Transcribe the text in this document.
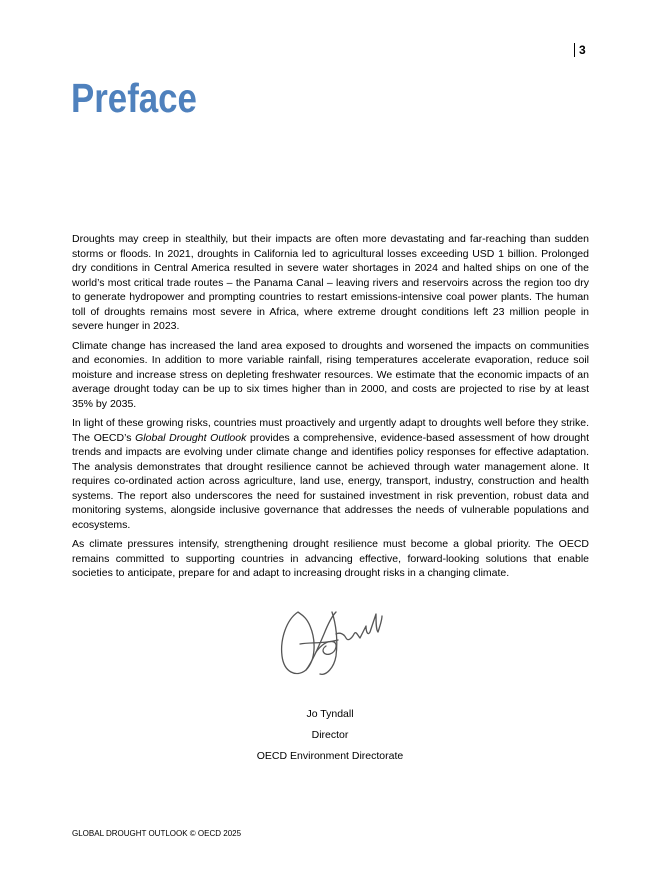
3
Preface

Droughts may creep in stealthily, but their impacts are often more devastating and far-reaching than sudden storms or floods. In 2021, droughts in California led to agricultural losses exceeding USD 1 billion. Prolonged dry conditions in Central America resulted in severe water shortages in 2024 and halted ships on one of the world’s most critical trade routes – the Panama Canal – leaving rivers and reservoirs across the region too dry to generate hydropower and prompting countries to restart emissions-intensive coal power plants. The human toll of droughts remains most severe in Africa, where extreme drought conditions left 23 million people in severe hunger in 2023.

Climate change has increased the land area exposed to droughts and worsened the impacts on communities and economies. In addition to more variable rainfall, rising temperatures accelerate evaporation, reduce soil moisture and increase stress on depleting freshwater resources. We estimate that the economic impacts of an average drought today can be up to six times higher than in 2000, and costs are projected to rise by at least 35% by 2035.

In light of these growing risks, countries must proactively and urgently adapt to droughts well before they strike. The OECD’s Global Drought Outlook provides a comprehensive, evidence-based assessment of how drought trends and impacts are evolving under climate change and identifies policy responses for effective adaptation. The analysis demonstrates that drought resilience cannot be achieved through water management alone. It requires co-ordinated action across agriculture, land use, energy, transport, industry, construction and health systems. The report also underscores the need for sustained investment in risk prevention, robust data and monitoring systems, alongside inclusive governance that addresses the needs of vulnerable populations and ecosystems.

As climate pressures intensify, strengthening drought resilience must become a global priority. The OECD remains committed to supporting countries in advancing effective, forward-looking solutions that enable societies to anticipate, prepare for and adapt to increasing drought risks in a changing climate.

Jo Tyndall
Director
OECD Environment Directorate
GLOBAL DROUGHT OUTLOOK © OECD 2025
